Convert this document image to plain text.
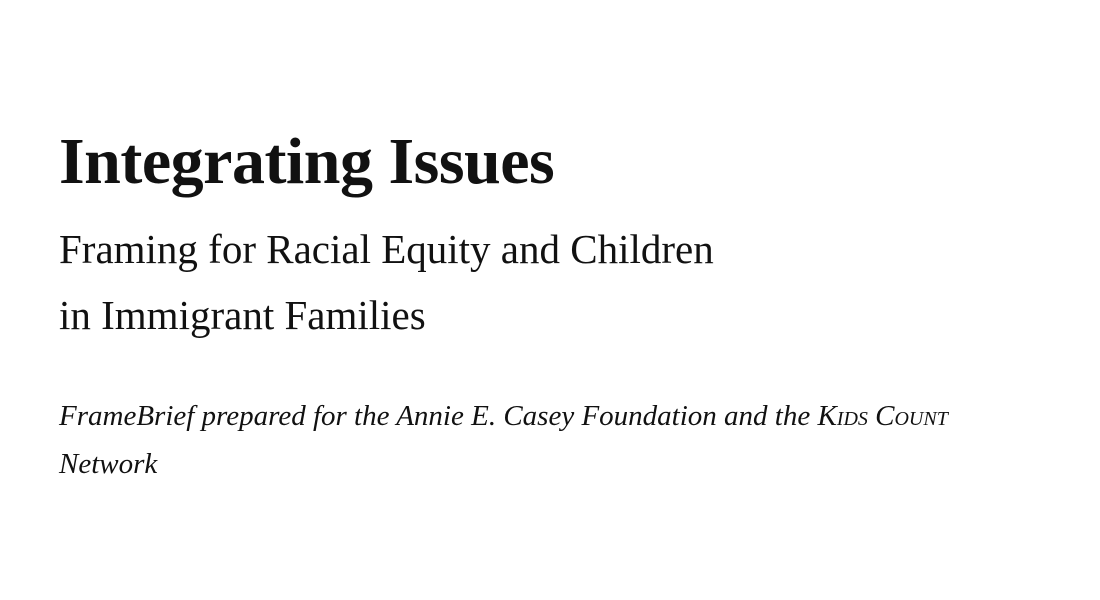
Integrating Issues
Framing for Racial Equity and Children
in Immigrant Families

FrameBrief prepared for the Annie E. Casey Foundation and the Kids Count Network
